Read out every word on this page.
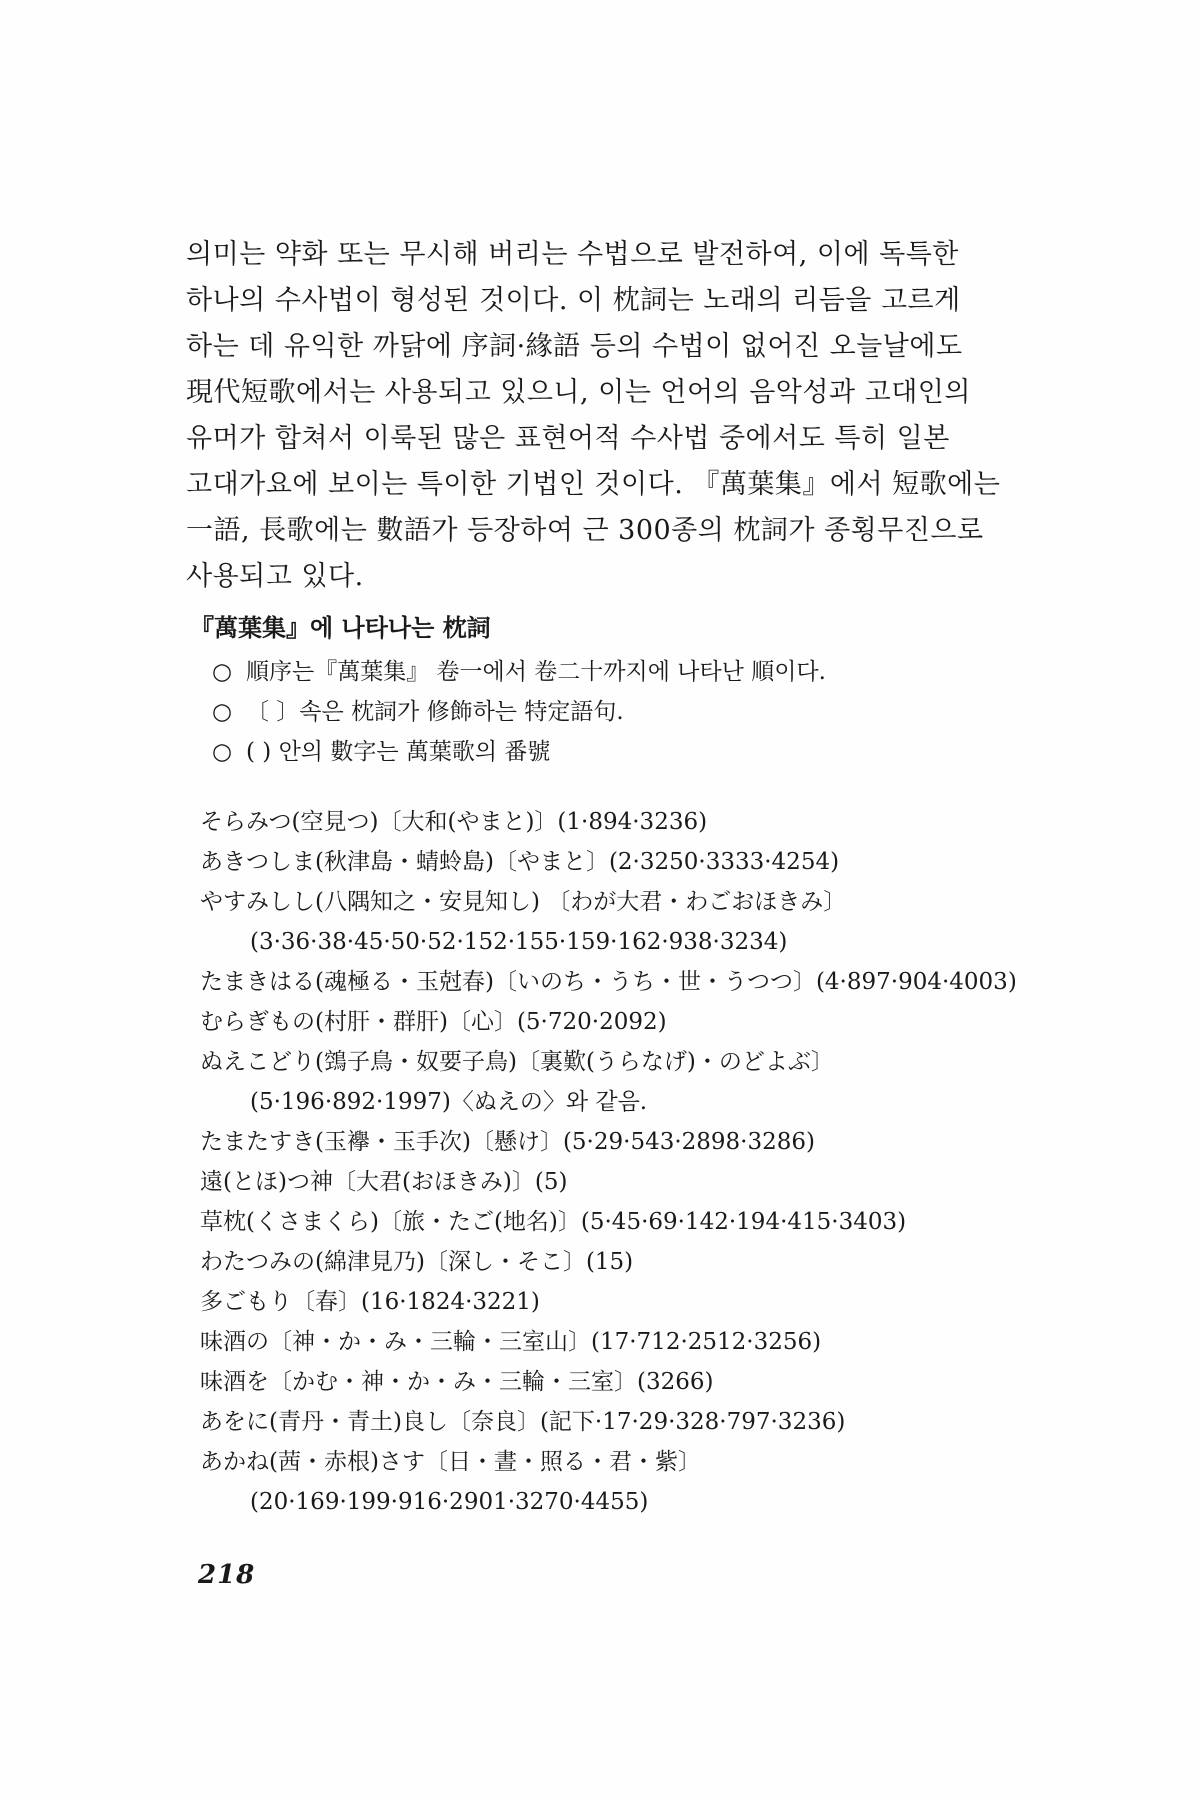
의미는 약화 또는 무시해 버리는 수법으로 발전하여, 이에 독특한
하나의 수사법이 형성된 것이다. 이 枕詞는 노래의 리듬을 고르게
하는 데 유익한 까닭에 序詞·緣語 등의 수법이 없어진 오늘날에도
現代短歌에서는 사용되고 있으니, 이는 언어의 음악성과 고대인의
유머가 합쳐서 이룩된 많은 표현어적 수사법 중에서도 특히 일본
고대가요에 보이는 특이한 기법인 것이다. 『萬葉集』에서 短歌에는
一語, 長歌에는 數語가 등장하여 근 300종의 枕詞가 종횡무진으로
사용되고 있다.

『萬葉集』에 나타나는 枕詞

○ 順序는『萬葉集』 卷一에서 卷二十까지에 나타난 順이다.

○ 〔 〕속은 枕詞가 修飾하는 特定語句.

○ ( ) 안의 數字는 萬葉歌의 番號

そらみつ(空見つ)〔大和(やまと)〕(1·894·3236)
あきつしま(秋津島・蜻蛉島)〔やまと〕(2·3250·3333·4254)
やすみしし(八隅知之・安見知し) 〔わが大君・わごおほきみ〕 (3·36·38·45·50·52·152·155·159·162·938·3234)
たまきはる(魂極る・玉尅春)〔いのち・うち・世・うつつ〕(4·897·904·4003)
むらぎもの(村肝・群肝)〔心〕(5·720·2092)
ぬえこどり(鵼子鳥・奴要子鳥)〔裏歎(うらなげ)・のどよぶ〕 (5·196·892·1997)〈ぬえの〉와 같음.
たまたすき(玉襷・玉手次)〔懸け〕(5·29·543·2898·3286)
遠(とほ)つ神〔大君(おほきみ)〕(5)
草枕(くさまくら)〔旅・たご(地名)〕(5·45·69·142·194·415·3403)
わたつみの(綿津見乃)〔深し・そこ〕(15)
多ごもり〔春〕(16·1824·3221)
味酒の〔神・か・み・三輪・三室山〕(17·712·2512·3256)
味酒を〔かむ・神・か・み・三輪・三室〕(3266)
あをに(青丹・青土)良し〔奈良〕(記下·17·29·328·797·3236)
あかね(茜・赤根)さす〔日・晝・照る・君・紫〕 (20·169·199·916·2901·3270·4455)
218
